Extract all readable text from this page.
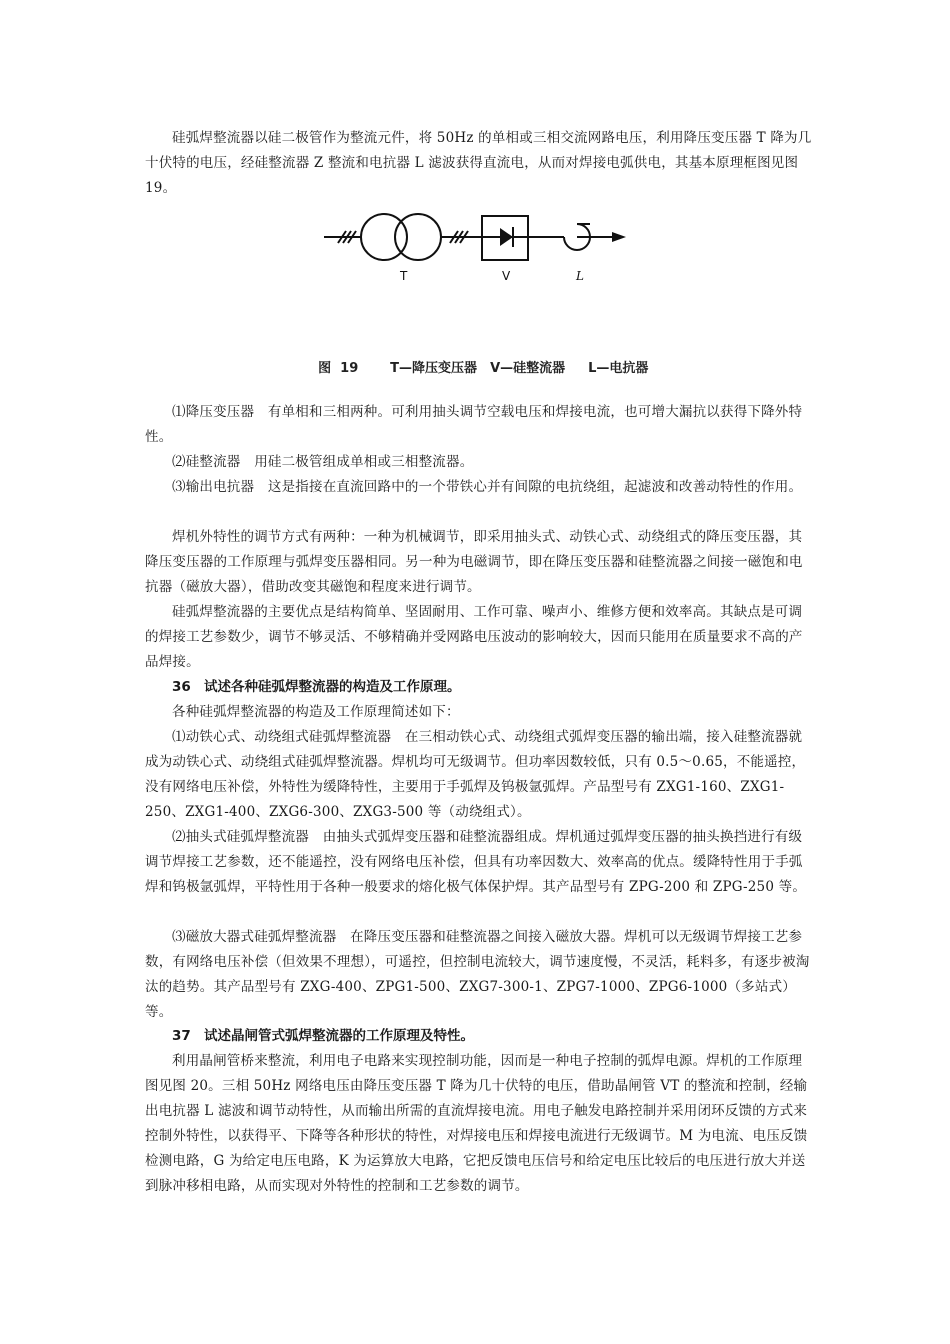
硅弧焊整流器以硅二极管作为整流元件，将 50Hz 的单相或三相交流网路电压，利用降压变压器 T 降为几十伏特的电压，经硅整流器 Z 整流和电抗器 L 滤波获得直流电，从而对焊接电弧供电，其基本原理框图见图 19。

T	V	L

图  19 T—降压变压器 V—硅整流器 L—电抗器

⑴降压变压器　有单相和三相两种。可利用抽头调节空载电压和焊接电流，也可增大漏抗以获得下降外特性。

⑵硅整流器　用硅二极管组成单相或三相整流器。

⑶输出电抗器　这是指接在直流回路中的一个带铁心并有间隙的电抗绕组，起滤波和改善动特性的作用。

焊机外特性的调节方式有两种：一种为机械调节，即采用抽头式、动铁心式、动绕组式的降压变压器，其降压变压器的工作原理与弧焊变压器相同。另一种为电磁调节，即在降压变压器和硅整流器之间接一磁饱和电抗器（磁放大器），借助改变其磁饱和程度来进行调节。

硅弧焊整流器的主要优点是结构简单、坚固耐用、工作可靠、噪声小、维修方便和效率高。其缺点是可调的焊接工艺参数少，调节不够灵活、不够精确并受网路电压波动的影响较大，因而只能用在质量要求不高的产品焊接。

36 试述各种硅弧焊整流器的构造及工作原理。

各种硅弧焊整流器的构造及工作原理简述如下：

⑴动铁心式、动绕组式硅弧焊整流器　在三相动铁心式、动绕组式弧焊变压器的输出端，接入硅整流器就成为动铁心式、动绕组式硅弧焊整流器。焊机均可无级调节。但功率因数较低，只有 0.5～0.65，不能遥控，没有网络电压补偿，外特性为缓降特性，主要用于手弧焊及钨极氩弧焊。产品型号有 ZXG1-160、ZXG1-250、ZXG1-400、ZXG6-300、ZXG3-500 等（动绕组式）。

⑵抽头式硅弧焊整流器　由抽头式弧焊变压器和硅整流器组成。焊机通过弧焊变压器的抽头换挡进行有级调节焊接工艺参数，还不能遥控，没有网络电压补偿，但具有功率因数大、效率高的优点。缓降特性用于手弧焊和钨极氩弧焊，平特性用于各种一般要求的熔化极气体保护焊。其产品型号有 ZPG-200 和 ZPG-250 等。

⑶磁放大器式硅弧焊整流器　在降压变压器和硅整流器之间接入磁放大器。焊机可以无级调节焊接工艺参数，有网络电压补偿（但效果不理想），可遥控，但控制电流较大，调节速度慢，不灵活，耗料多，有逐步被淘汰的趋势。其产品型号有 ZXG-400、ZPG1-500、ZXG7-300-1、ZPG7-1000、ZPG6-1000（多站式）等。

37 试述晶闸管式弧焊整流器的工作原理及特性。

利用晶闸管桥来整流，利用电子电路来实现控制功能，因而是一种电子控制的弧焊电源。焊机的工作原理图见图 20。三相 50Hz 网络电压由降压变压器 T 降为几十伏特的电压，借助晶闸管 VT 的整流和控制，经输出电抗器 L 滤波和调节动特性，从而输出所需的直流焊接电流。用电子触发电路控制并采用闭环反馈的方式来控制外特性，以获得平、下降等各种形状的特性，对焊接电压和焊接电流进行无级调节。M 为电流、电压反馈检测电路，G 为给定电压电路，K 为运算放大电路，它把反馈电压信号和给定电压比较后的电压进行放大并送到脉冲移相电路，从而实现对外特性的控制和工艺参数的调节。
